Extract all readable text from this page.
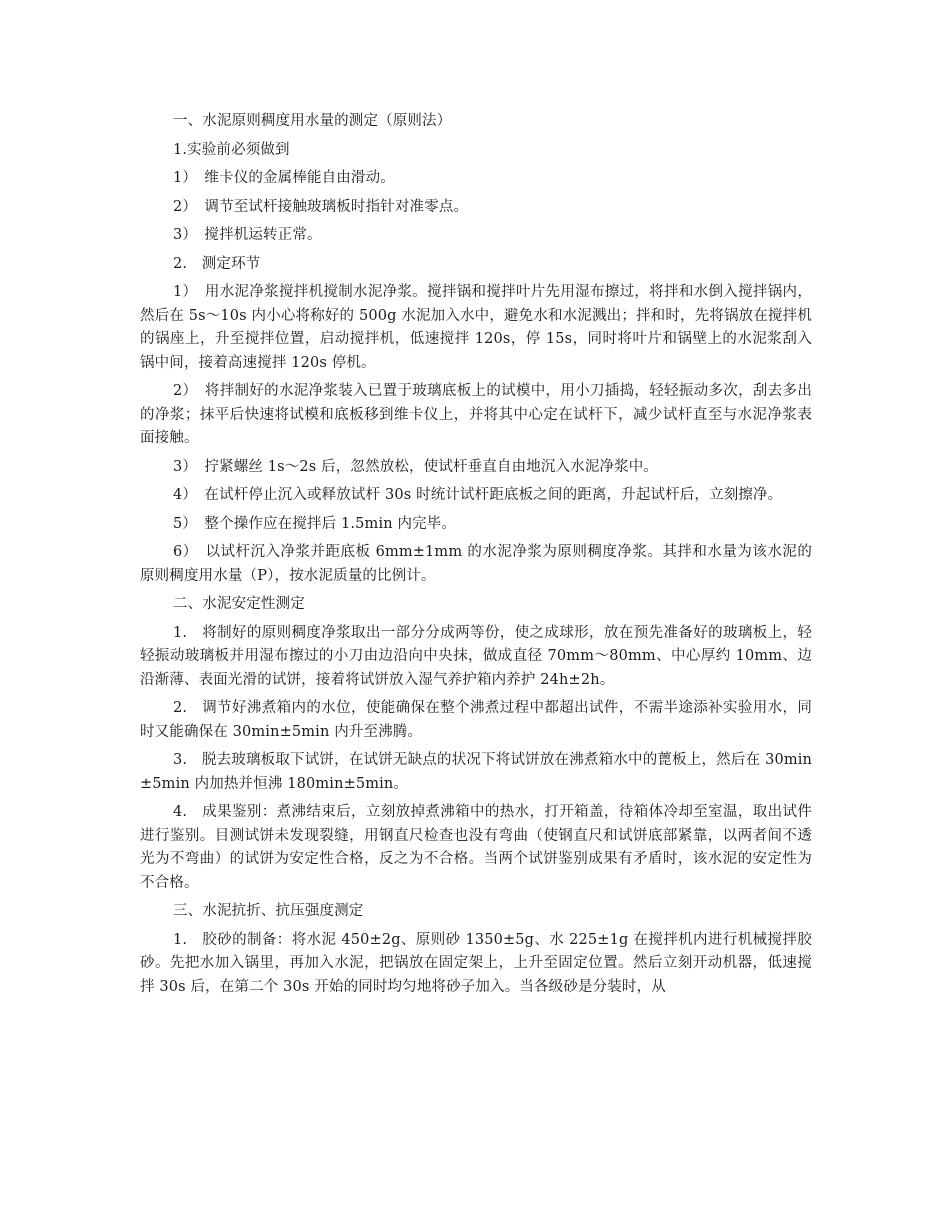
一、水泥原则稠度用水量的测定（原则法）

1.实验前必须做到

1）　维卡仪的金属棒能自由滑动。

2）　调节至试杆接触玻璃板时指针对准零点。

3）　搅拌机运转正常。

2.　测定环节

1）　用水泥净浆搅拌机搅制水泥净浆。搅拌锅和搅拌叶片先用湿布擦过，将拌和水倒入搅拌锅内，然后在 5s～10s 内小心将称好的 500g 水泥加入水中，避免水和水泥溅出；拌和时，先将锅放在搅拌机的锅座上，升至搅拌位置，启动搅拌机，低速搅拌 120s，停 15s，同时将叶片和锅壁上的水泥浆刮入锅中间，接着高速搅拌 120s 停机。

2）　将拌制好的水泥净浆装入已置于玻璃底板上的试模中，用小刀插捣，轻轻振动多次，刮去多出的净浆；抹平后快速将试模和底板移到维卡仪上，并将其中心定在试杆下，减少试杆直至与水泥净浆表面接触。

3）　拧紧螺丝 1s～2s 后，忽然放松，使试杆垂直自由地沉入水泥净浆中。

4）　在试杆停止沉入或释放试杆 30s 时统计试杆距底板之间的距离，升起试杆后，立刻擦净。

5）　整个操作应在搅拌后 1.5min 内完毕。

6）　以试杆沉入净浆并距底板 6mm±1mm 的水泥净浆为原则稠度净浆。其拌和水量为该水泥的原则稠度用水量（P），按水泥质量的比例计。

二、水泥安定性测定

1.　将制好的原则稠度净浆取出一部分分成两等份，使之成球形，放在预先准备好的玻璃板上，轻轻振动玻璃板并用湿布擦过的小刀由边沿向中央抹，做成直径 70mm～80mm、中心厚约 10mm、边沿渐薄、表面光滑的试饼，接着将试饼放入湿气养护箱内养护 24h±2h。

2.　调节好沸煮箱内的水位，使能确保在整个沸煮过程中都超出试件，不需半途添补实验用水，同时又能确保在 30min±5min 内升至沸腾。

3.　脱去玻璃板取下试饼，在试饼无缺点的状况下将试饼放在沸煮箱水中的蓖板上，然后在 30min±5min 内加热并恒沸 180min±5min。

4.　成果鉴别：煮沸结束后，立刻放掉煮沸箱中的热水，打开箱盖，待箱体冷却至室温，取出试件进行鉴别。目测试饼未发现裂缝，用钢直尺检查也没有弯曲（使钢直尺和试饼底部紧靠，以两者间不透光为不弯曲）的试饼为安定性合格，反之为不合格。当两个试饼鉴别成果有矛盾时，该水泥的安定性为不合格。

三、水泥抗折、抗压强度测定

1.　胶砂的制备：将水泥 450±2g、原则砂 1350±5g、水 225±1g 在搅拌机内进行机械搅拌胶砂。先把水加入锅里，再加入水泥，把锅放在固定架上，上升至固定位置。然后立刻开动机器，低速搅拌 30s 后，在第二个 30s 开始的同时均匀地将砂子加入。当各级砂是分装时，从
